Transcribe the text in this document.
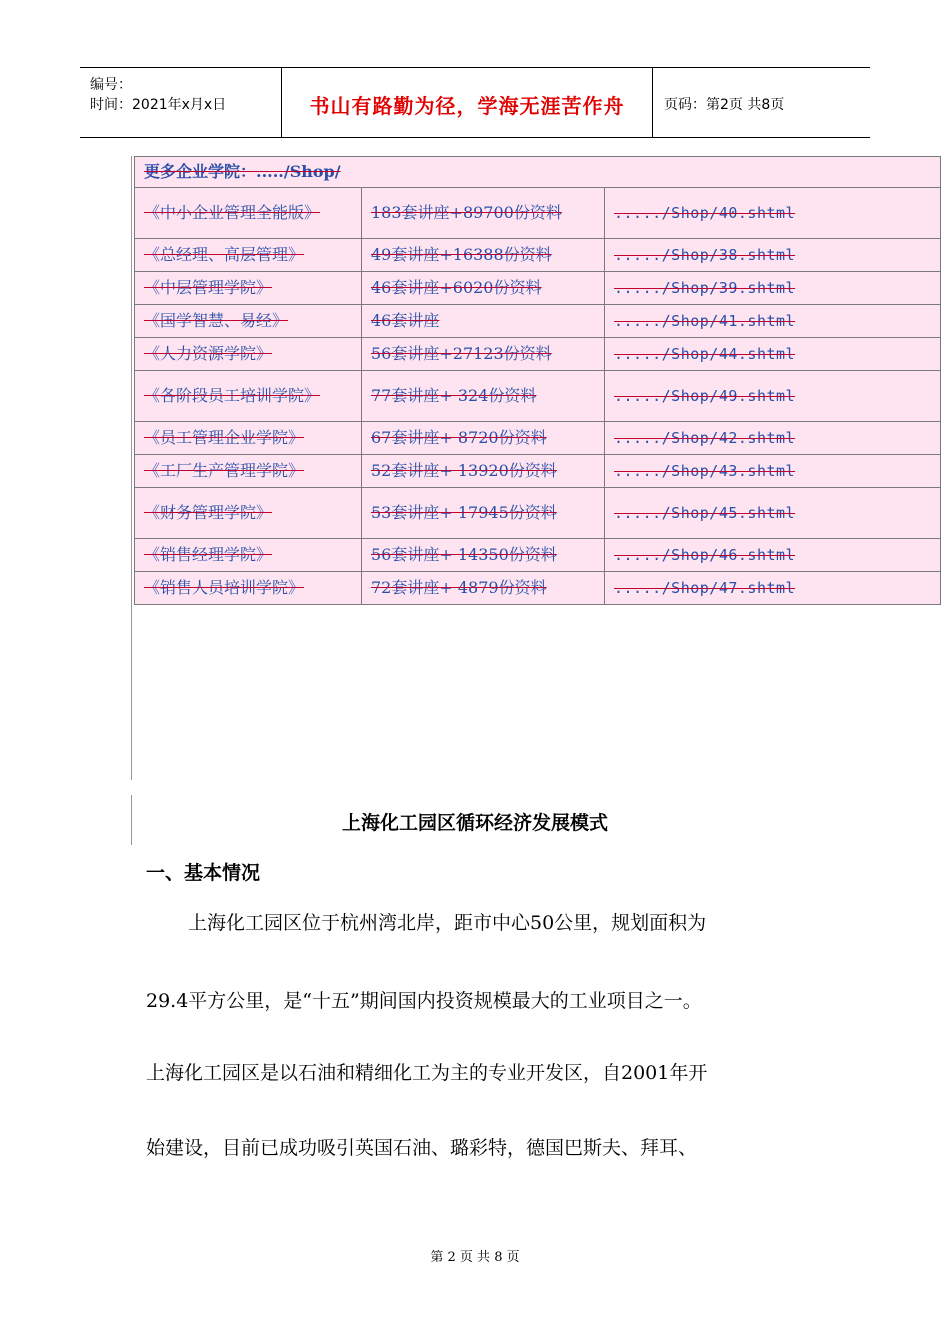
编号：
时间：2021年x月x日	书山有路勤为径，学海无涯苦作舟	页码：第2页 共8页
更多企业学院：...../Shop/		
《中小企业管理全能版》	183套讲座+89700份资料	...../Shop/40.shtml
《总经理、高层管理》	49套讲座+16388份资料	...../Shop/38.shtml
《中层管理学院》	46套讲座+6020份资料	...../Shop/39.shtml
《国学智慧、易经》	46套讲座	...../Shop/41.shtml
《人力资源学院》	56套讲座+27123份资料	...../Shop/44.shtml
《各阶段员工培训学院》	77套讲座+ 324份资料	...../Shop/49.shtml
《员工管理企业学院》	67套讲座+ 8720份资料	...../Shop/42.shtml
《工厂生产管理学院》	52套讲座+ 13920份资料	...../Shop/43.shtml
《财务管理学院》	53套讲座+ 17945份资料	...../Shop/45.shtml
《销售经理学院》	56套讲座+ 14350份资料	...../Shop/46.shtml
《销售人员培训学院》	72套讲座+ 4879份资料	...../Shop/47.shtml
上海化工园区循环经济发展模式
一、基本情况
上海化工园区位于杭州湾北岸，距市中心50公里，规划面积为
29.4平方公里，是“十五”期间国内投资规模最大的工业项目之一。
上海化工园区是以石油和精细化工为主的专业开发区，自2001年开
始建设，目前已成功吸引英国石油、璐彩特，德国巴斯夫、拜耳、
第 2 页 共 8 页
